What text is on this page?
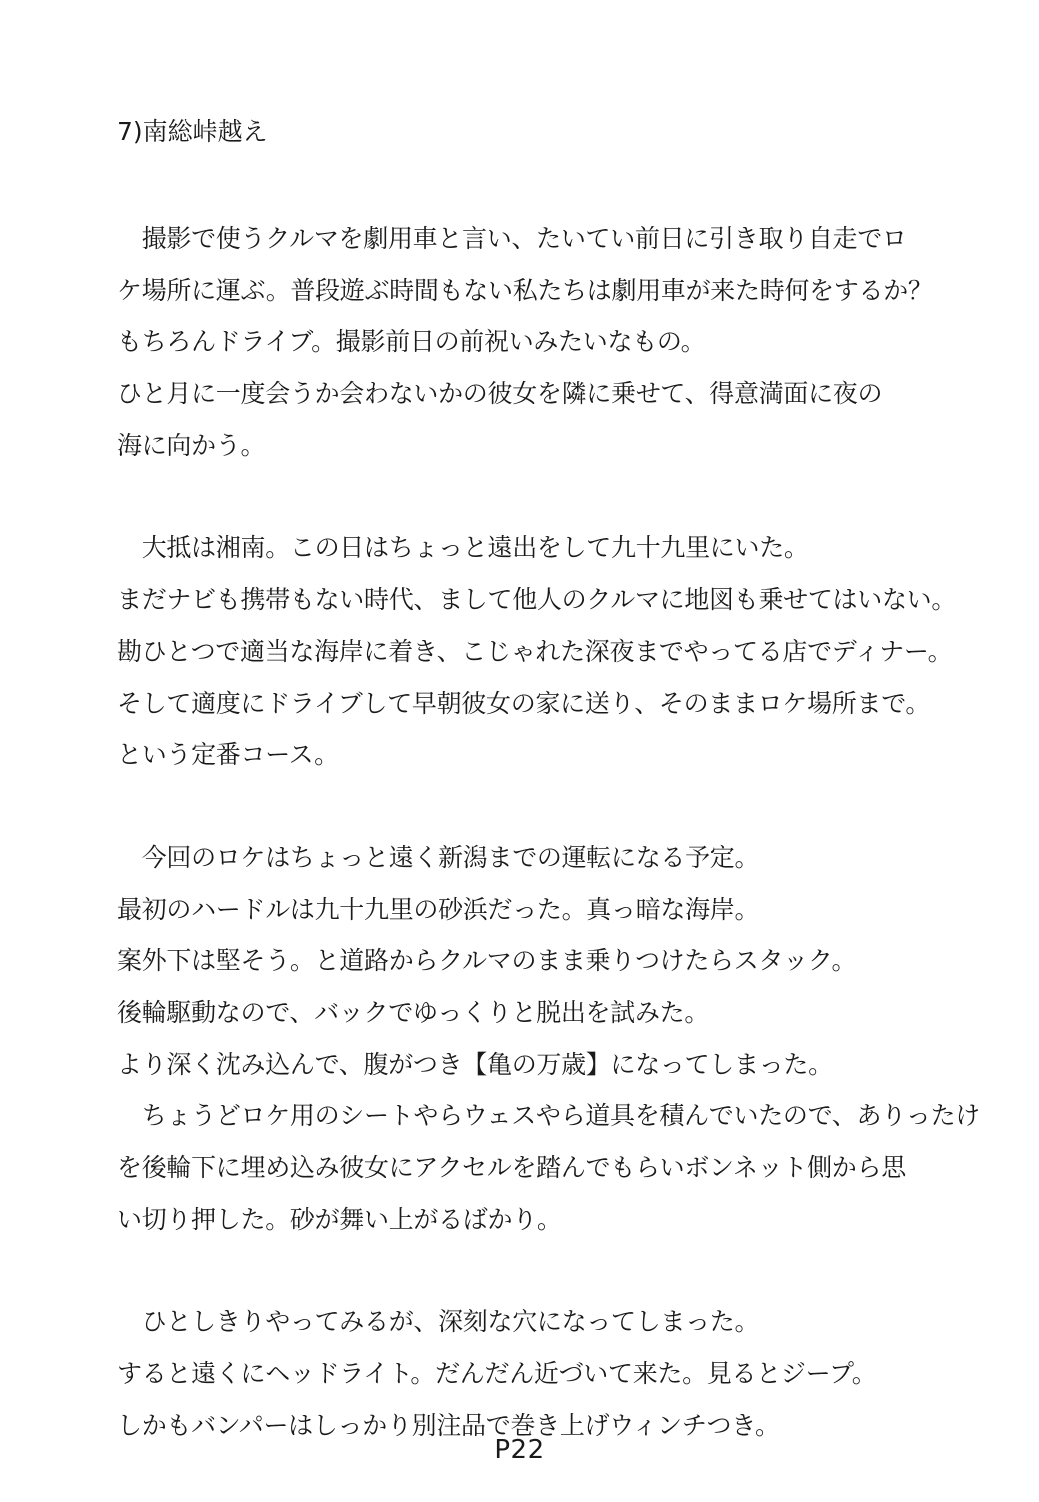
7)南総峠越え
　撮影で使うクルマを劇用車と言い、たいてい前日に引き取り自走でロ
ケ場所に運ぶ。普段遊ぶ時間もない私たちは劇用車が来た時何をするか？
もちろんドライブ。撮影前日の前祝いみたいなもの。
ひと月に一度会うか会わないかの彼女を隣に乗せて、得意満面に夜の
海に向かう。
　大抵は湘南。この日はちょっと遠出をして九十九里にいた。
まだナビも携帯もない時代、まして他人のクルマに地図も乗せてはいない。
勘ひとつで適当な海岸に着き、こじゃれた深夜までやってる店でディナー。
そして適度にドライブして早朝彼女の家に送り、そのままロケ場所まで。
という定番コース。
　今回のロケはちょっと遠く新潟までの運転になる予定。
最初のハードルは九十九里の砂浜だった。真っ暗な海岸。
案外下は堅そう。と道路からクルマのまま乗りつけたらスタック。
後輪駆動なので、バックでゆっくりと脱出を試みた。
より深く沈み込んで、腹がつき【亀の万歳】になってしまった。
　ちょうどロケ用のシートやらウェスやら道具を積んでいたので、ありったけ
を後輪下に埋め込み彼女にアクセルを踏んでもらいボンネット側から思
い切り押した。砂が舞い上がるばかり。
　ひとしきりやってみるが、深刻な穴になってしまった。
すると遠くにヘッドライト。だんだん近づいて来た。見るとジープ。
しかもバンパーはしっかり別注品で巻き上げウィンチつき。
P22
